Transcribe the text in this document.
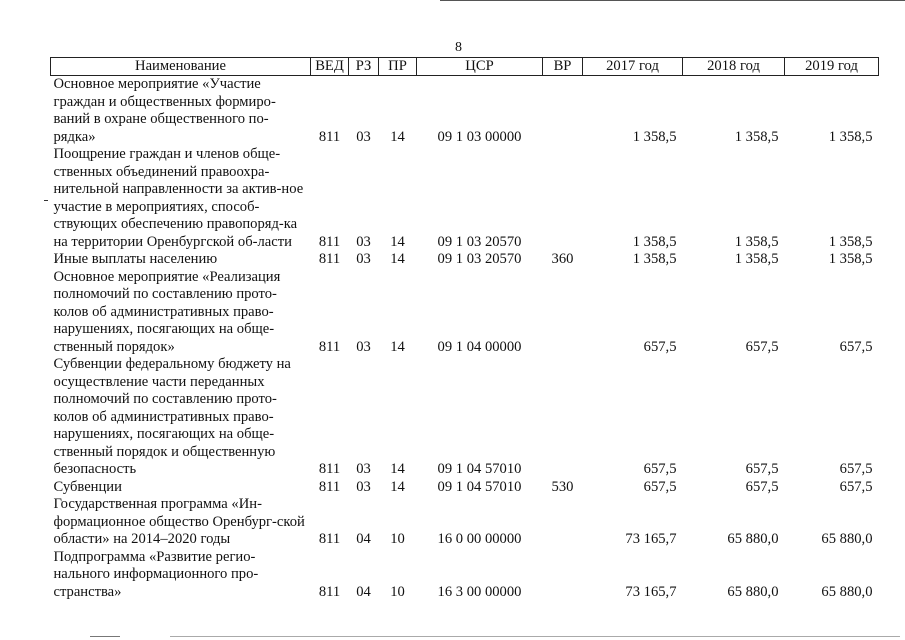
8
Наименование	ВЕД	РЗ	ПР	ЦСР	ВР	2017 год	2018 год	2019 год
Основное мероприятие «Участие граждан и общественных формиро-ваний в охране общественного по-рядка»	811	03	14	09 1 03 00000		1 358,5	1 358,5	1 358,5
Поощрение граждан и членов обще-ственных объединений правоохра-нительной направленности за актив-ное участие в мероприятиях, способ-ствующих обеспечению правопоряд-ка на территории Оренбургской об-ласти	811	03	14	09 1 03 20570		1 358,5	1 358,5	1 358,5
Иные выплаты населению	811	03	14	09 1 03 20570	360	1 358,5	1 358,5	1 358,5
Основное мероприятие «Реализация полномочий по составлению прото-колов об административных право-нарушениях, посягающих на обще-ственный порядок»	811	03	14	09 1 04 00000		657,5	657,5	657,5
Субвенции федеральному бюджету на осуществление части переданных полномочий по составлению прото-колов об административных право-нарушениях, посягающих на обще-ственный порядок и общественную безопасность	811	03	14	09 1 04 57010		657,5	657,5	657,5
Субвенции	811	03	14	09 1 04 57010	530	657,5	657,5	657,5
Государственная программа «Ин-формационное общество Оренбург-ской области» на 2014–2020 годы	811	04	10	16 0 00 00000		73 165,7	65 880,0	65 880,0
Подпрограмма «Развитие регио-нального информационного про-странства»	811	04	10	16 3 00 00000		73 165,7	65 880,0	65 880,0
